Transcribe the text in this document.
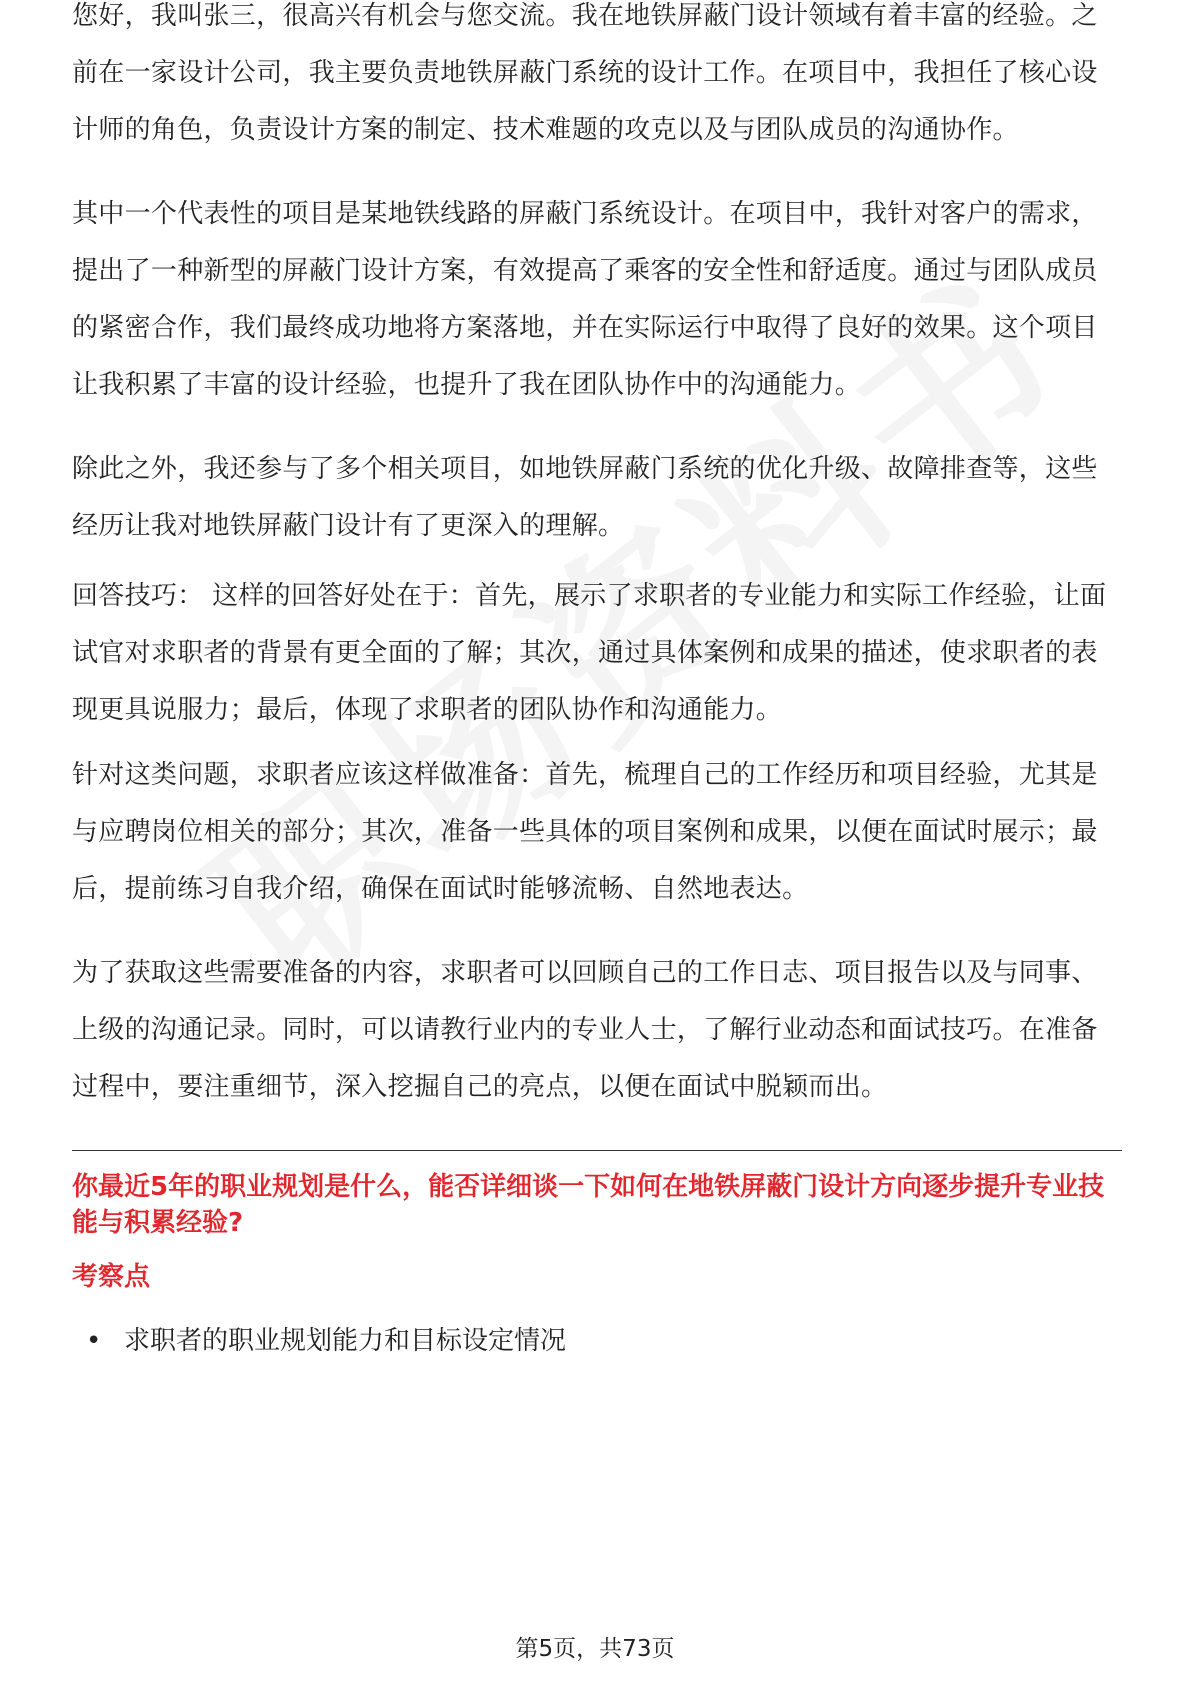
您好，我叫张三，很高兴有机会与您交流。我在地铁屏蔽门设计领域有着丰富的经验。之前在一家设计公司，我主要负责地铁屏蔽门系统的设计工作。在项目中，我担任了核心设计师的角色，负责设计方案的制定、技术难题的攻克以及与团队成员的沟通协作。

其中一个代表性的项目是某地铁线路的屏蔽门系统设计。在项目中，我针对客户的需求，提出了一种新型的屏蔽门设计方案，有效提高了乘客的安全性和舒适度。通过与团队成员的紧密合作，我们最终成功地将方案落地，并在实际运行中取得了良好的效果。这个项目让我积累了丰富的设计经验，也提升了我在团队协作中的沟通能力。

除此之外，我还参与了多个相关项目，如地铁屏蔽门系统的优化升级、故障排查等，这些经历让我对地铁屏蔽门设计有了更深入的理解。

回答技巧： 这样的回答好处在于：首先，展示了求职者的专业能力和实际工作经验，让面试官对求职者的背景有更全面的了解；其次，通过具体案例和成果的描述，使求职者的表现更具说服力；最后，体现了求职者的团队协作和沟通能力。

针对这类问题，求职者应该这样做准备：首先，梳理自己的工作经历和项目经验，尤其是与应聘岗位相关的部分；其次，准备一些具体的项目案例和成果，以便在面试时展示；最后，提前练习自我介绍，确保在面试时能够流畅、自然地表达。

为了获取这些需要准备的内容，求职者可以回顾自己的工作日志、项目报告以及与同事、上级的沟通记录。同时，可以请教行业内的专业人士，了解行业动态和面试技巧。在准备过程中，要注重细节，深入挖掘自己的亮点，以便在面试中脱颖而出。

你最近5年的职业规划是什么，能否详细谈一下如何在地铁屏蔽门设计方向逐步提升专业技能与积累经验?

考察点

• 求职者的职业规划能力和目标设定情况
第5页，共73页
